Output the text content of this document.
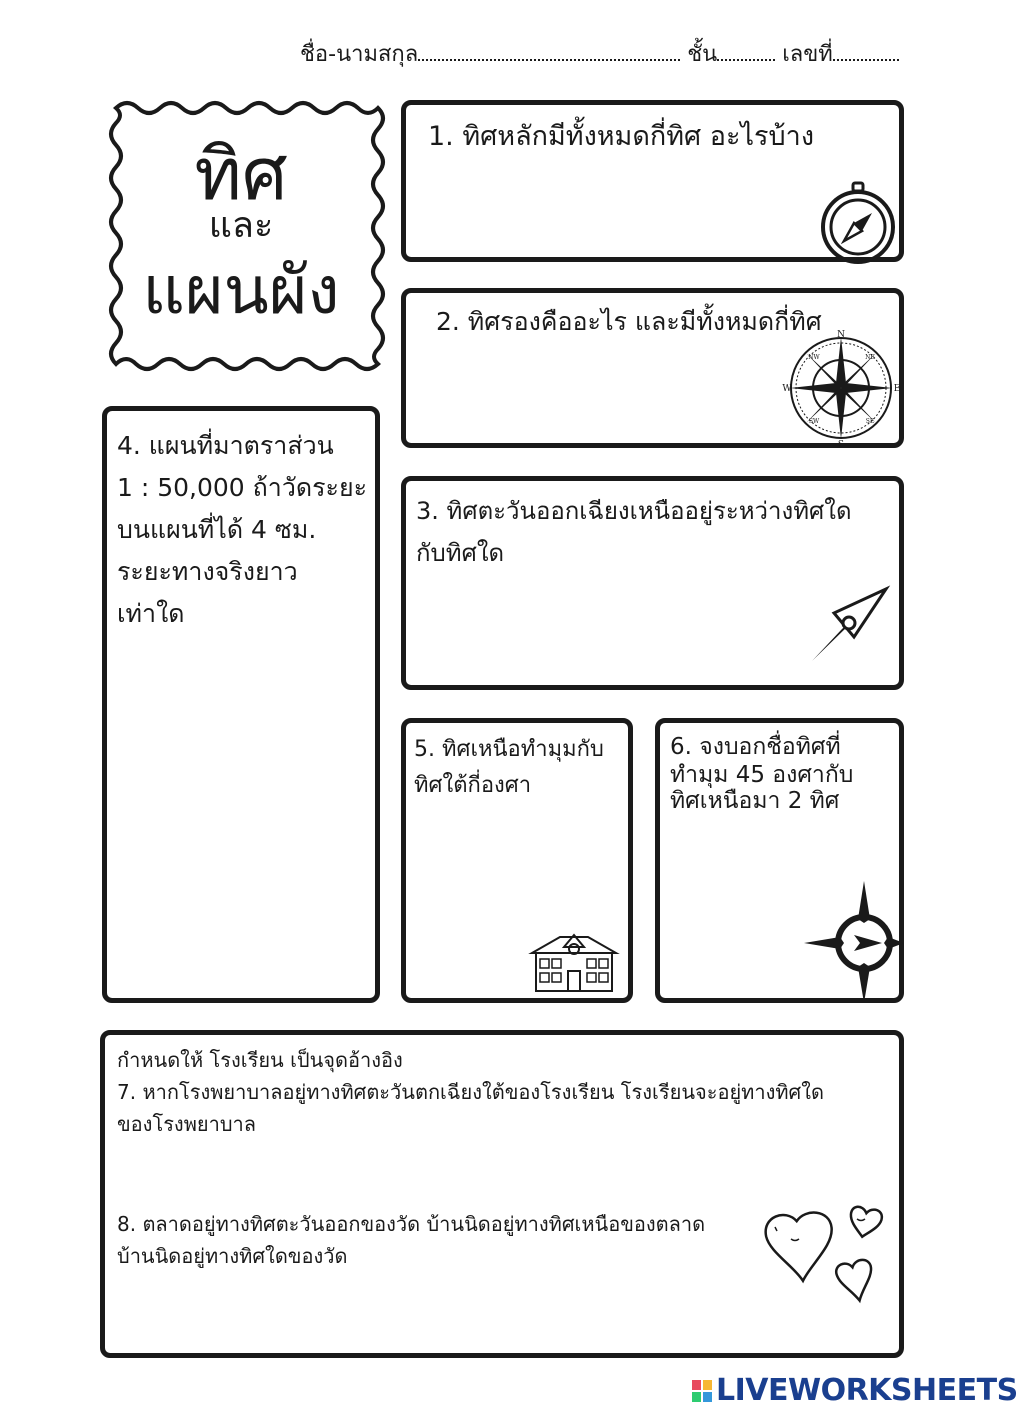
ชื่อ-นามสกุล	ชั้น	เลขที่
ทิศ
และ
แผนผัง
1. ทิศหลักมีทั้งหมดกี่ทิศ อะไรบ้าง
2. ทิศรองคืออะไร และมีทั้งหมดกี่ทิศ N
S
W	E
NW	NE
SW	SE
3. ทิศตะวันออกเฉียงเหนืออยู่ระหว่างทิศใด
กับทิศใด
4. แผนที่มาตราส่วน
1 : 50,000 ถ้าวัดระยะ
บนแผนที่ได้ 4 ซม.
ระยะทางจริงยาว
เท่าใด
5. ทิศเหนือทำมุมกับ
ทิศใต้กี่องศา
6. จงบอกชื่อทิศที่
ทำมุม 45 องศากับ
ทิศเหนือมา 2 ทิศ
กำหนดให้ โรงเรียน เป็นจุดอ้างอิง
7. หากโรงพยาบาลอยู่ทางทิศตะวันตกเฉียงใต้ของโรงเรียน โรงเรียนจะอยู่ทางทิศใด
ของโรงพยาบาล
8. ตลาดอยู่ทางทิศตะวันออกของวัด บ้านนิดอยู่ทางทิศเหนือของตลาด
บ้านนิดอยู่ทางทิศใดของวัด
LIVEWORKSHEETS
